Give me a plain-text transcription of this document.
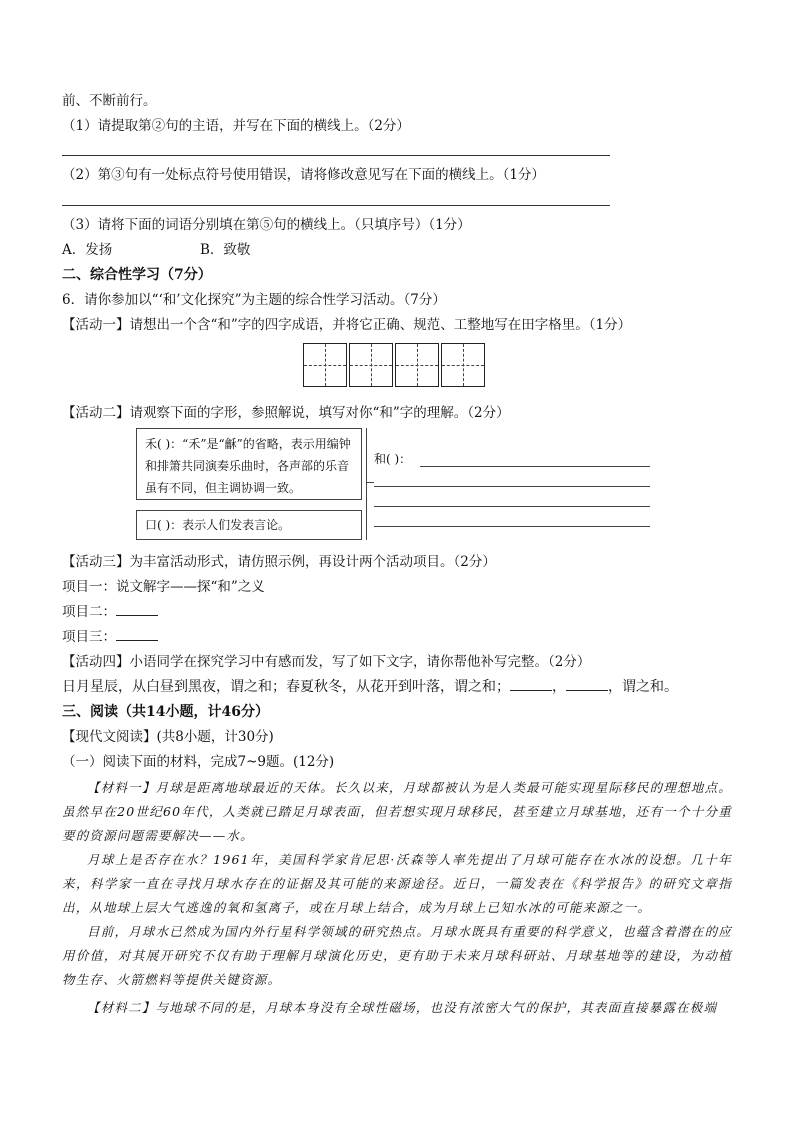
前、不断前行。
（1）请提取第②句的主语，并写在下面的横线上。（2分）
（2）第③句有一处标点符号使用错误，请将修改意见写在下面的横线上。（1分）
（3）请将下面的词语分别填在第⑤句的横线上。（只填序号）（1分）
A．发扬	B．致敬
二、综合性学习（7分）
6．请你参加以“‘和’文化探究”为主题的综合性学习活动。（7分）
【活动一】请想出一个含“和”字的四字成语，并将它正确、规范、工整地写在田字格里。（1分）
【活动二】请观察下面的字形，参照解说，填写对你“和”字的理解。（2分）
禾( )：“禾”是“龢”的省略，表示用编钟和排箫共同演奏乐曲时，各声部的乐音虽有不同，但主调协调一致。
口( )：表示人们发表言论。
和( )：
【活动三】为丰富活动形式，请仿照示例，再设计两个活动项目。（2分）
项目一：说文解字——探“和”之义
项目二：
项目三：
【活动四】小语同学在探究学习中有感而发，写了如下文字，请你帮他补写完整。（2分）
日月星辰，从白昼到黑夜，谓之和；春夏秋冬，从花开到叶落，谓之和；	，	，谓之和。
三、阅读（共14小题，计46分）
【现代文阅读】(共8小题，计30分)
（一）阅读下面的材料，完成7~9题。(12分)
【材料一】月球是距离地球最近的天体。长久以来，月球都被认为是人类最可能实现星际移民的理想地点。虽然早在20世纪60年代，人类就已踏足月球表面，但若想实现月球移民，甚至建立月球基地，还有一个十分重要的资源问题需要解决——水。
月球上是否存在水？1961年，美国科学家肯尼思·沃森等人率先提出了月球可能存在水冰的设想。几十年来，科学家一直在寻找月球水存在的证据及其可能的来源途径。近日，一篇发表在《科学报告》的研究文章指出，从地球上层大气逃逸的氧和氢离子，或在月球上结合，成为月球上已知水冰的可能来源之一。
目前，月球水已然成为国内外行星科学领域的研究热点。月球水既具有重要的科学意义，也蕴含着潜在的应用价值，对其展开研究不仅有助于理解月球演化历史，更有助于未来月球科研站、月球基地等的建设，为动植物生存、火箭燃料等提供关键资源。
【材料二】与地球不同的是，月球本身没有全球性磁场，也没有浓密大气的保护，其表面直接暴露在极端
